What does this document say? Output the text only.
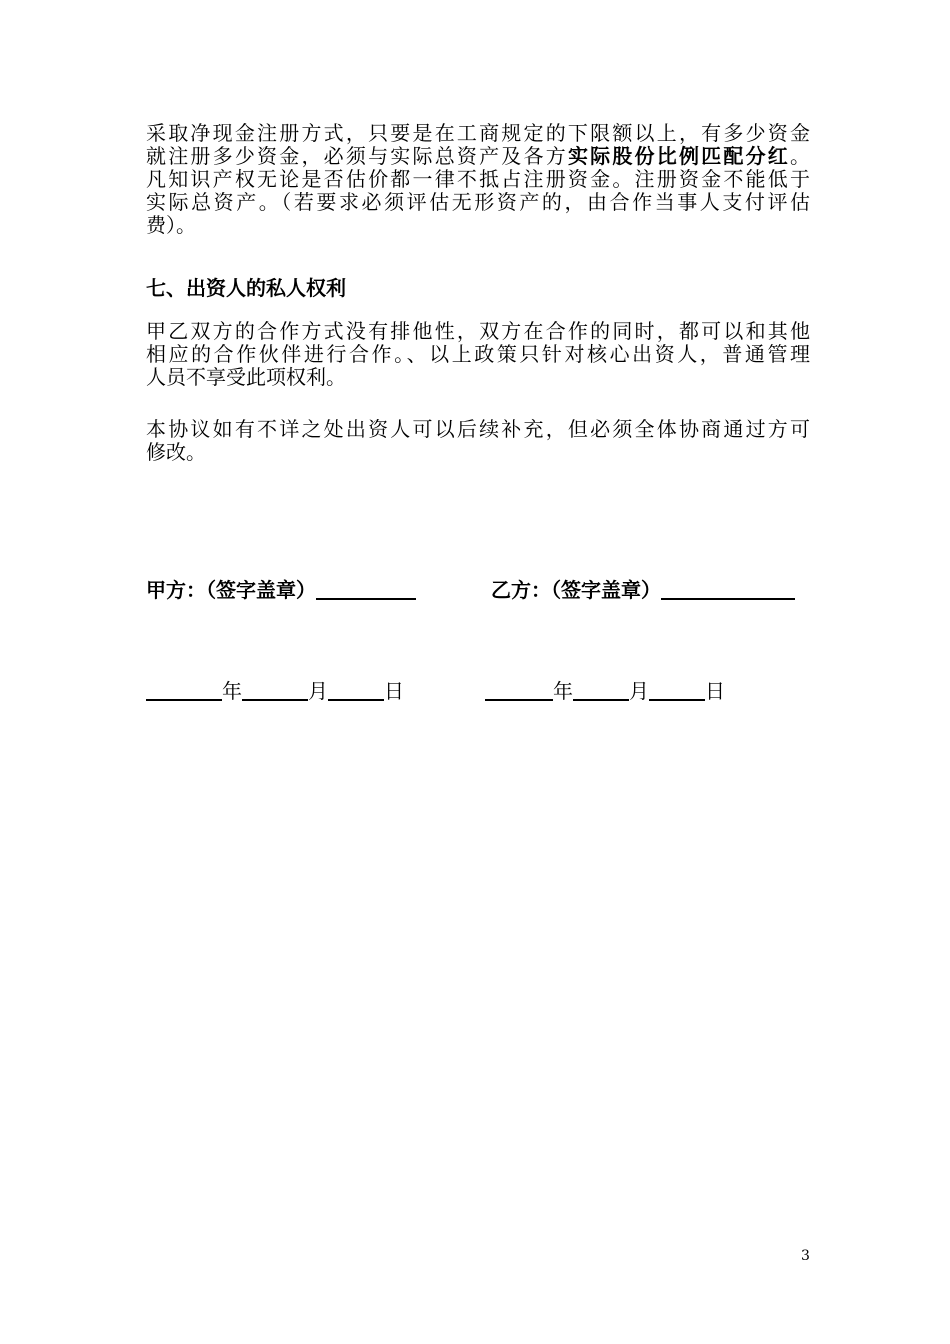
采取净现金注册方式，只要是在工商规定的下限额以上，有多少资金
就注册多少资金，必须与实际总资产及各方实际股份比例匹配分红。
凡知识产权无论是否估价都一律不抵占注册资金。注册资金不能低于
实际总资产。（若要求必须评估无形资产的，由合作当事人支付评估
费）。
七、出资人的私人权利
甲乙双方的合作方式没有排他性，双方在合作的同时，都可以和其他
相应的合作伙伴进行合作。、以上政策只针对核心出资人，普通管理
人员不享受此项权利。
本协议如有不详之处出资人可以后续补充，但必须全体协商通过方可
修改。
甲方：（签字盖章）	乙方：（签字盖章）
年	月	日	年	月	日
3
